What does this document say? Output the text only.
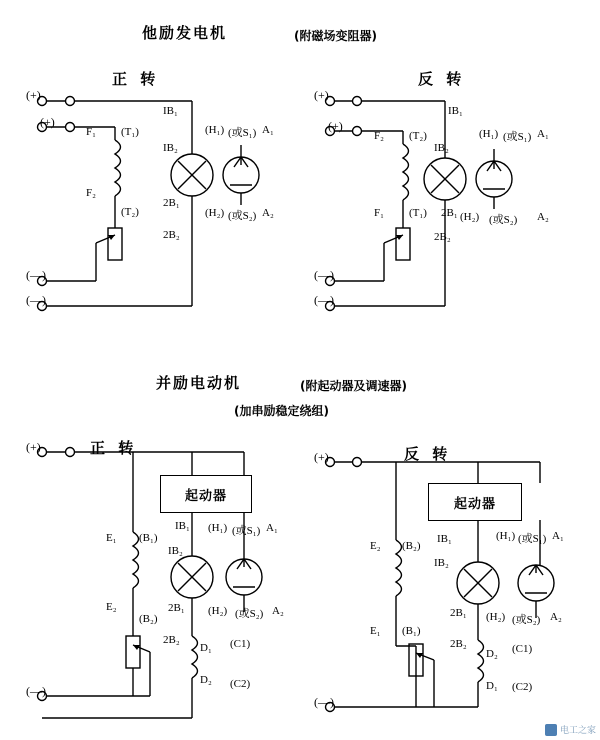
他励发电机	(附磁场变阻器)
正 转	反 转
(+)
(+)
(—)
(—)
F₁ (T₁)
F₂
(T₂)
IB₁
IB₂
2B₁
2B₂
(H₁) (或S₁) A₁
(H₂) (或S₂) A₂
(+)
(+)
(—)
(—)
F₂ (T₂)
F₁ (T₁)
IB₁
IB₂
2B₁
2B₂
(H₁) (或S₁) A₁
(H₂) (或S₂) A₂
并励电动机	(附起动器及调速器)
(加串励稳定绕组)
正 转	反 转
起动器
起动器
(+)
(—)
E₁ (B₁)
E₂
(B₂)
IB₁
IB₂
2B₁
2B₂
D₁ (C1)
D₂ (C2)
(H₁) (或S₁) A₁
(H₂) (或S₂) A₂
(+)
(—)
E₂ (B₂)
E₁ (B₁)
IB₁
IB₂
2B₁
2B₂
D₂ (C1)
D₁ (C2)
(H₁) (或S₁) A₁
(H₂) (或S₂) A₂
电工之家
